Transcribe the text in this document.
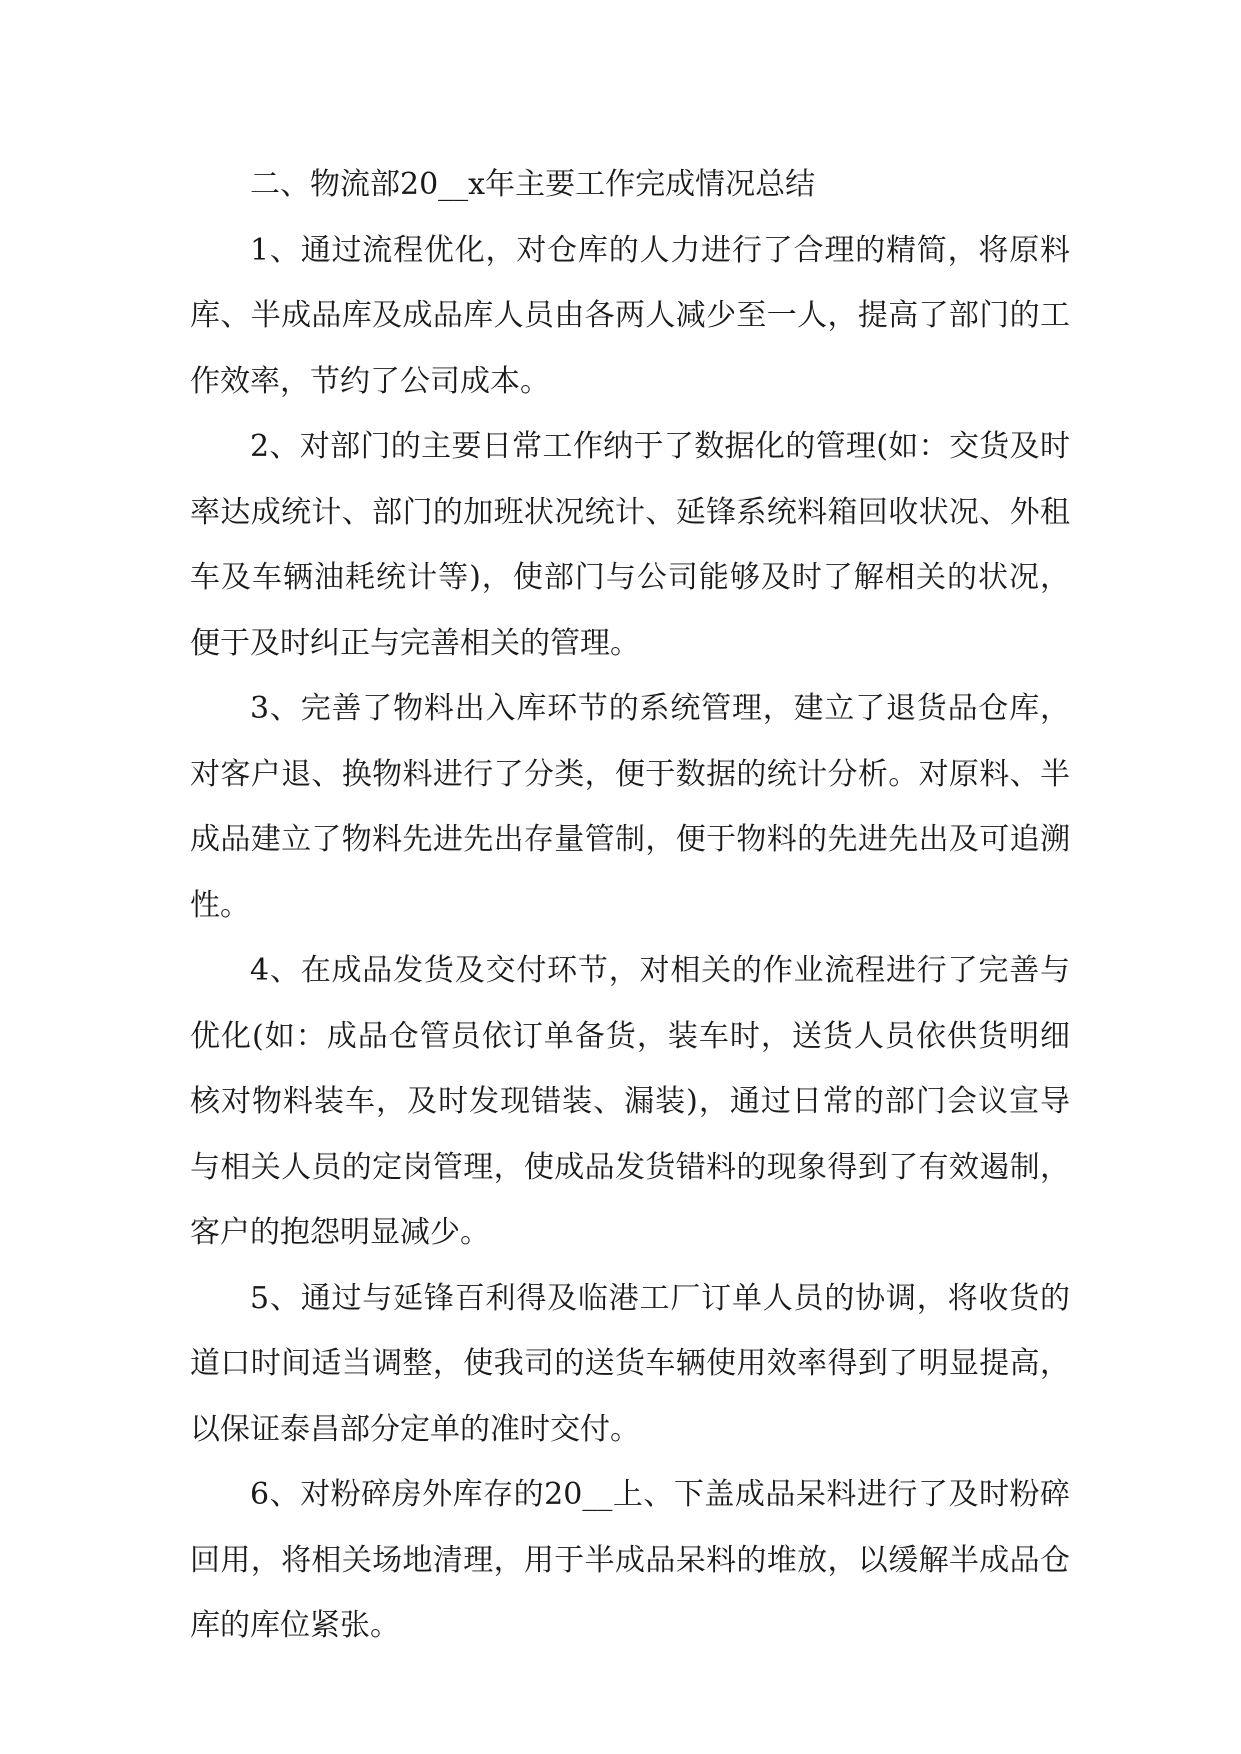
二、物流部20__x年主要工作完成情况总结

1、通过流程优化，对仓库的人力进行了合理的精简，将原料库、半成品库及成品库人员由各两人减少至一人，提高了部门的工作效率，节约了公司成本。

2、对部门的主要日常工作纳于了数据化的管理(如：交货及时率达成统计、部门的加班状况统计、延锋系统料箱回收状况、外租车及车辆油耗统计等)，使部门与公司能够及时了解相关的状况，便于及时纠正与完善相关的管理。

3、完善了物料出入库环节的系统管理，建立了退货品仓库，对客户退、换物料进行了分类，便于数据的统计分析。对原料、半成品建立了物料先进先出存量管制，便于物料的先进先出及可追溯性。

4、在成品发货及交付环节，对相关的作业流程进行了完善与优化(如：成品仓管员依订单备货，装车时，送货人员依供货明细核对物料装车，及时发现错装、漏装)，通过日常的部门会议宣导与相关人员的定岗管理，使成品发货错料的现象得到了有效遏制，客户的抱怨明显减少。

5、通过与延锋百利得及临港工厂订单人员的协调，将收货的道口时间适当调整，使我司的送货车辆使用效率得到了明显提高，以保证泰昌部分定单的准时交付。

6、对粉碎房外库存的20__上、下盖成品呆料进行了及时粉碎回用，将相关场地清理，用于半成品呆料的堆放，以缓解半成品仓库的库位紧张。
